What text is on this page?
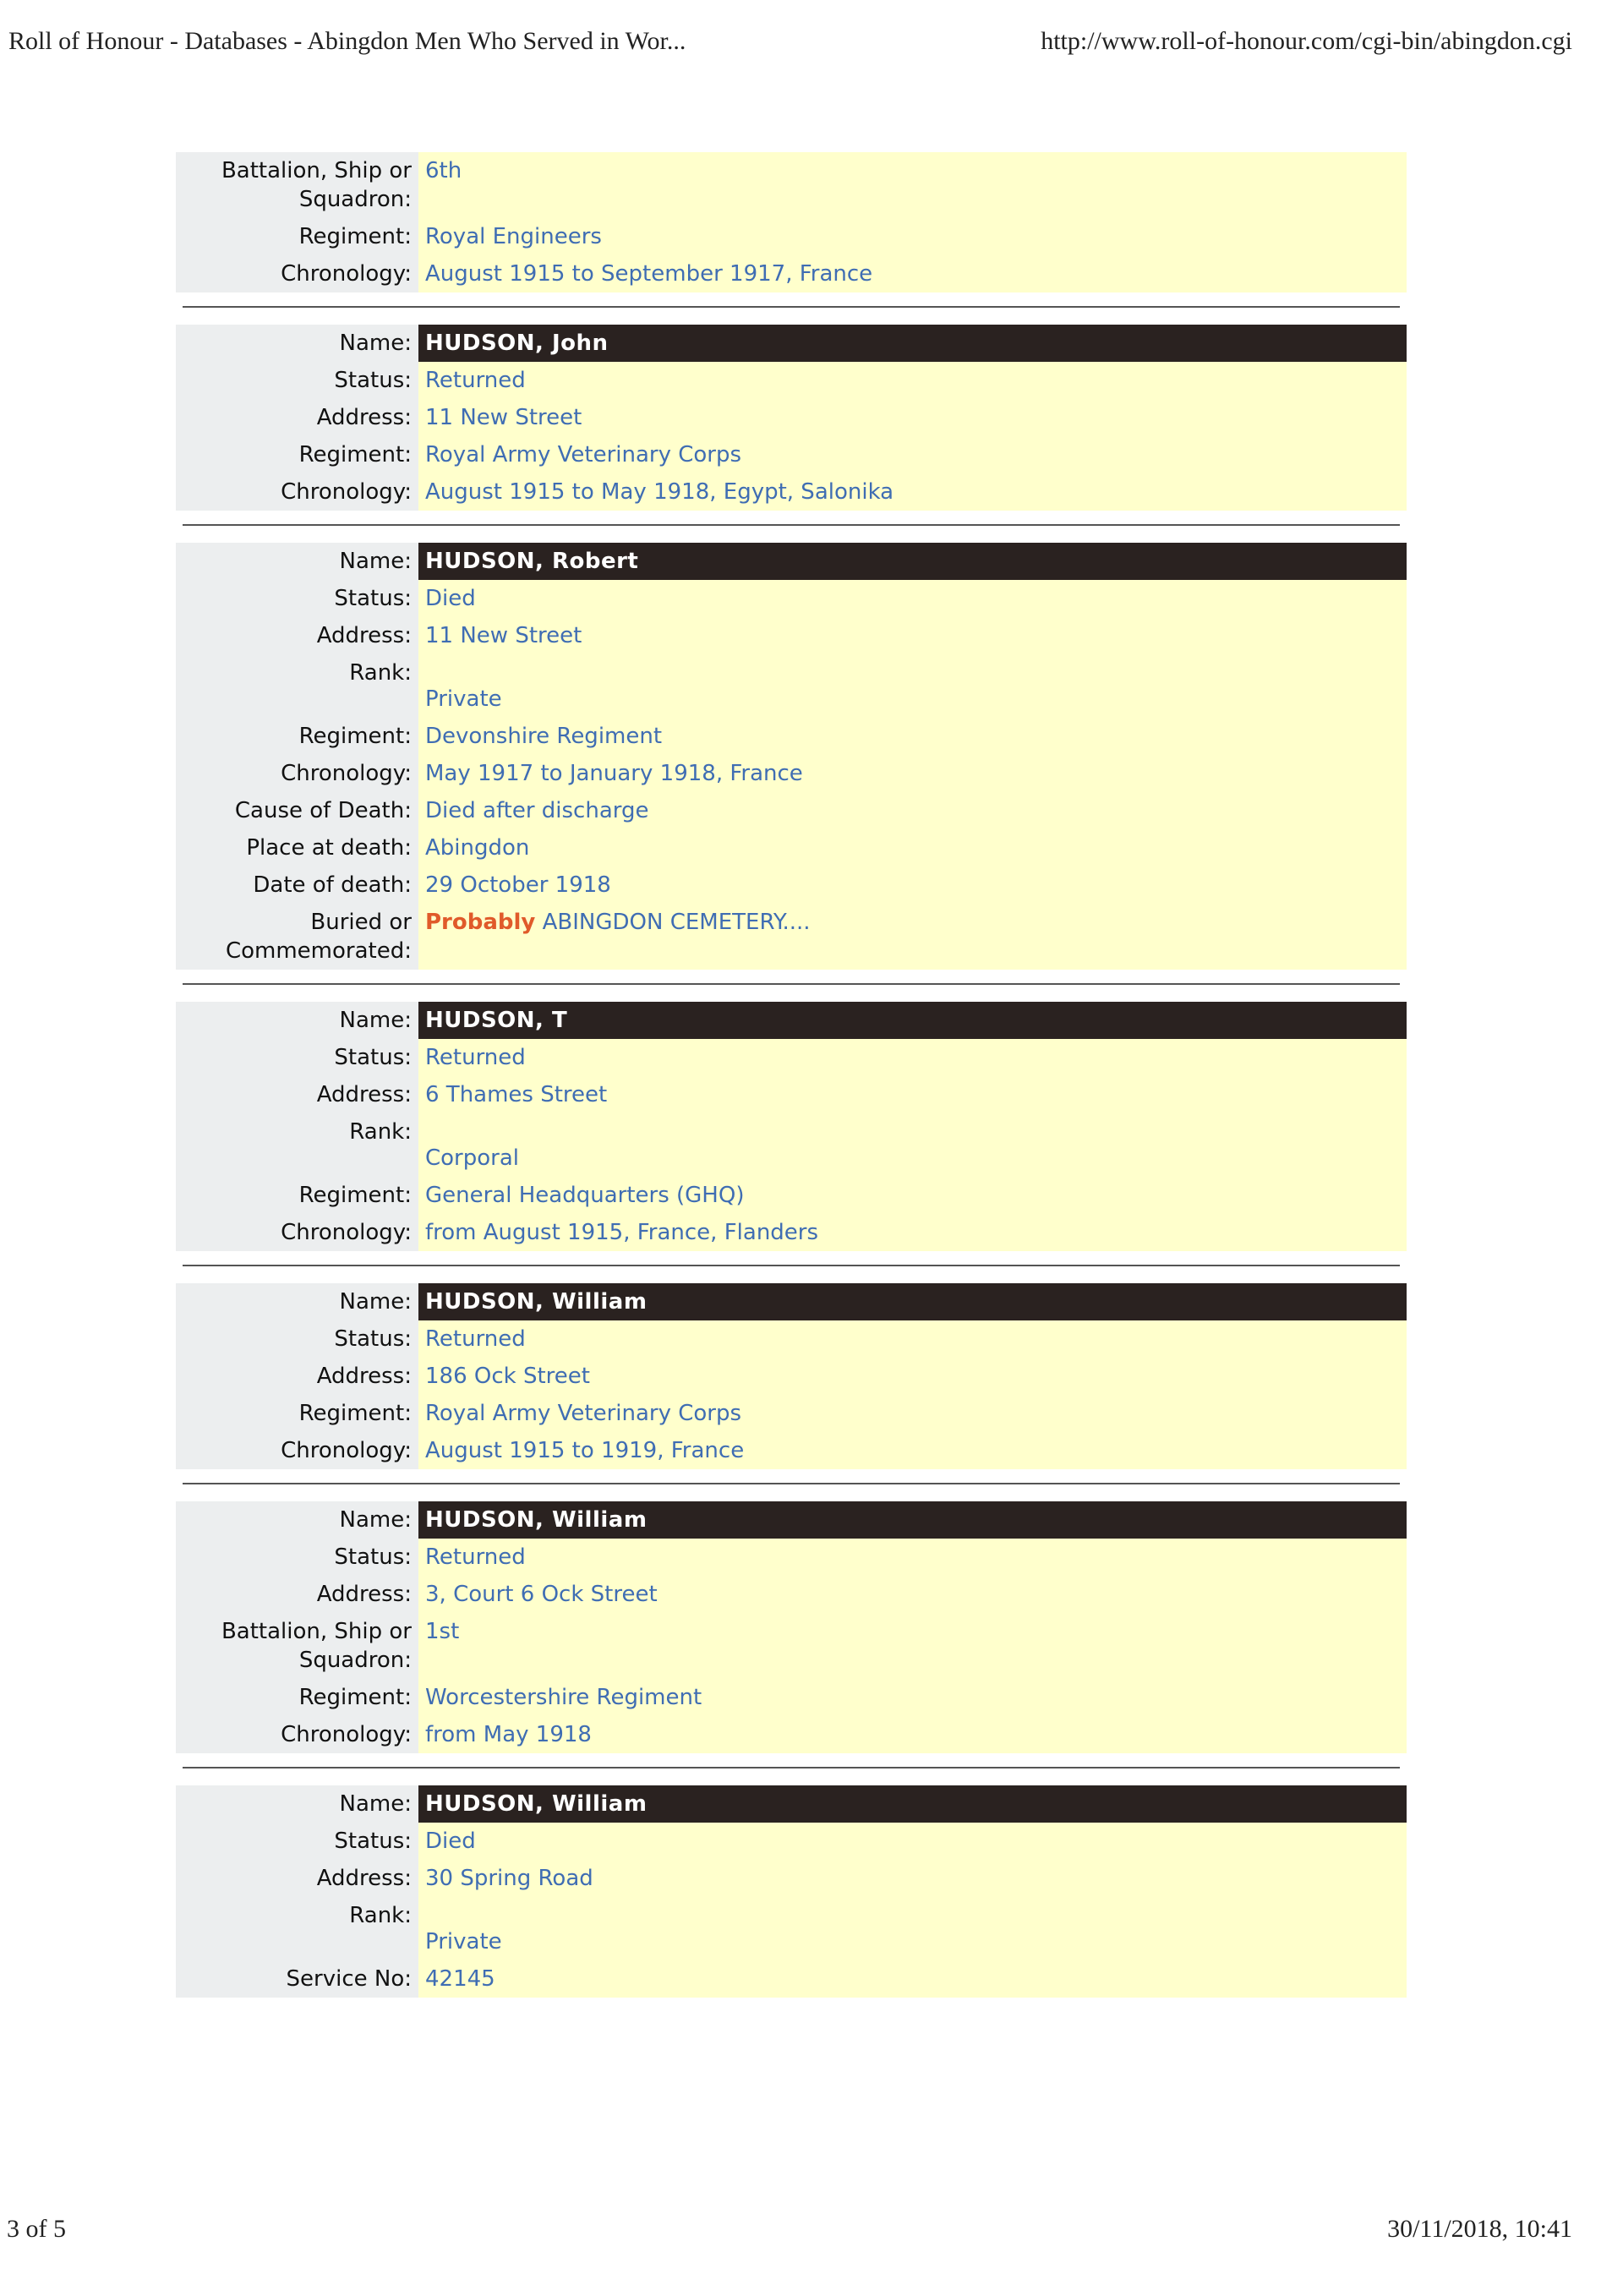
Roll of Honour - Databases - Abingdon Men Who Served in Wor...	http://www.roll-of-honour.com/cgi-bin/abingdon.cgi
Battalion, Ship or Squadron:
6th
Regiment: Royal Engineers
Chronology: August 1915 to September 1917, France
Name: HUDSON, John
Status: Returned
Address: 11 New Street
Regiment: Royal Army Veterinary Corps
Chronology: August 1915 to May 1918, Egypt, Salonika
Name: HUDSON, Robert
Status: Died
Address: 11 New Street
Rank:
Private
Regiment: Devonshire Regiment
Chronology: May 1917 to January 1918, France
Cause of Death: Died after discharge
Place at death: Abingdon
Date of death: 29 October 1918
Buried or Commemorated:
Probably ABINGDON CEMETERY....
Name: HUDSON, T
Status: Returned
Address: 6 Thames Street
Rank:
Corporal
Regiment: General Headquarters (GHQ)
Chronology: from August 1915, France, Flanders
Name: HUDSON, William
Status: Returned
Address: 186 Ock Street
Regiment: Royal Army Veterinary Corps
Chronology: August 1915 to 1919, France
Name: HUDSON, William
Status: Returned
Address: 3, Court 6 Ock Street
Battalion, Ship or Squadron:
1st
Regiment: Worcestershire Regiment
Chronology: from May 1918
Name: HUDSON, William
Status: Died
Address: 30 Spring Road
Rank:
Private
Service No: 42145
3 of 5	30/11/2018, 10:41
